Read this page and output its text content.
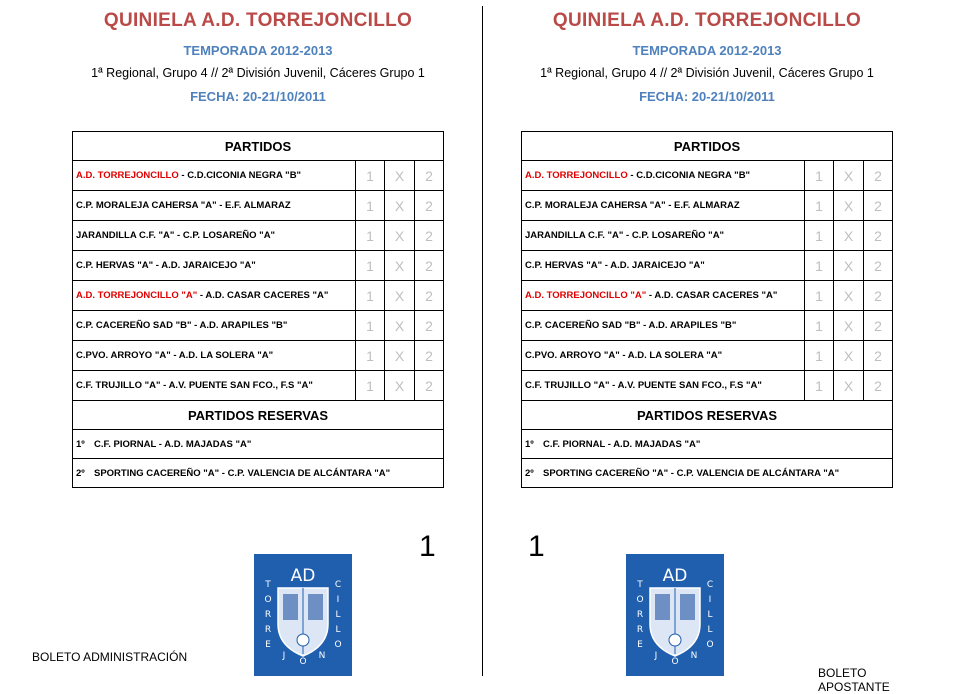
QUINIELA A.D. TORREJONCILLO
TEMPORADA 2012-2013
1ª Regional, Grupo 4 // 2ª División Juvenil, Cáceres Grupo 1
FECHA: 20-21/10/2011
PARTIDOS			
A.D. TORREJONCILLO - C.D.CICONIA NEGRA "B"	1	X	2
C.P. MORALEJA CAHERSA "A" - E.F. ALMARAZ	1	X	2
JARANDILLA C.F. "A" - C.P. LOSAREÑO "A"	1	X	2
C.P. HERVAS "A" - A.D. JARAICEJO "A"	1	X	2
A.D. TORREJONCILLO "A" - A.D. CASAR CACERES "A"	1	X	2
C.P. CACEREÑO SAD "B" - A.D. ARAPILES "B"	1	X	2
C.PVO. ARROYO "A" - A.D. LA SOLERA "A"	1	X	2
C.F. TRUJILLO "A" - A.V. PUENTE SAN FCO., F.S "A"	1	X	2
PARTIDOS RESERVAS			
1º C.F. PIORNAL - A.D. MAJADAS "A"			
2º SPORTING CACEREÑO "A" - C.P. VALENCIA DE ALCÁNTARA "A"			
1
AD
T
O
R
R
E
C
I
L
L
O
J
O
N
BOLETO ADMINISTRACIÓN
QUINIELA A.D. TORREJONCILLO
TEMPORADA 2012-2013
1ª Regional, Grupo 4 // 2ª División Juvenil, Cáceres Grupo 1
FECHA: 20-21/10/2011
PARTIDOS			
A.D. TORREJONCILLO - C.D.CICONIA NEGRA "B"	1	X	2
C.P. MORALEJA CAHERSA "A" - E.F. ALMARAZ	1	X	2
JARANDILLA C.F. "A" - C.P. LOSAREÑO "A"	1	X	2
C.P. HERVAS "A" - A.D. JARAICEJO "A"	1	X	2
A.D. TORREJONCILLO "A" - A.D. CASAR CACERES "A"	1	X	2
C.P. CACEREÑO SAD "B" - A.D. ARAPILES "B"	1	X	2
C.PVO. ARROYO "A" - A.D. LA SOLERA "A"	1	X	2
C.F. TRUJILLO "A" - A.V. PUENTE SAN FCO., F.S "A"	1	X	2
PARTIDOS RESERVAS			
1º C.F. PIORNAL - A.D. MAJADAS "A"			
2º SPORTING CACEREÑO "A" - C.P. VALENCIA DE ALCÁNTARA "A"			
1
AD
T
O
R
R
E
C
I
L
L
O
J
O
N
BOLETO APOSTANTE
